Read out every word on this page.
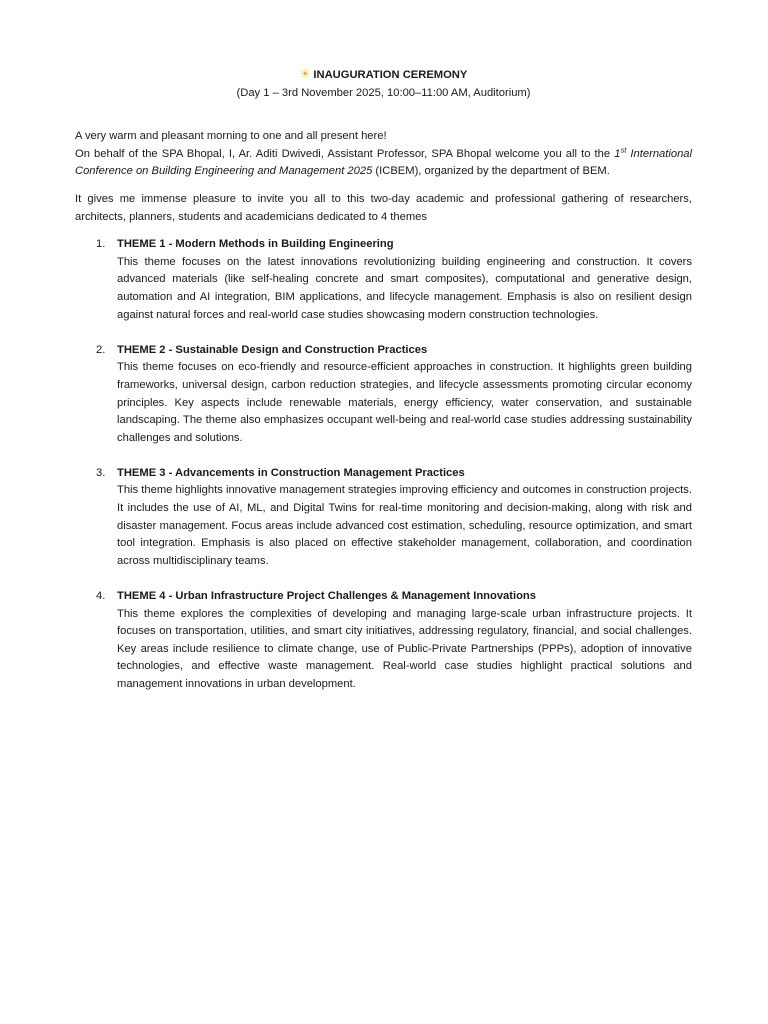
☀ INAUGURATION CEREMONY
(Day 1 – 3rd November 2025, 10:00–11:00 AM, Auditorium)

A very warm and pleasant morning to one and all present here!

On behalf of the SPA Bhopal, I, Ar. Aditi Dwivedi, Assistant Professor, SPA Bhopal welcome you all to the 1st International Conference on Building Engineering and Management 2025 (ICBEM), organized by the department of BEM.

It gives me immense pleasure to invite you all to this two-day academic and professional gathering of researchers, architects, planners, students and academicians dedicated to 4 themes

1. THEME 1 - Modern Methods in Building Engineering
This theme focuses on the latest innovations revolutionizing building engineering and construction. It covers advanced materials (like self-healing concrete and smart composites), computational and generative design, automation and AI integration, BIM applications, and lifecycle management. Emphasis is also on resilient design against natural forces and real-world case studies showcasing modern construction technologies.
2. THEME 2 - Sustainable Design and Construction Practices
This theme focuses on eco-friendly and resource-efficient approaches in construction. It highlights green building frameworks, universal design, carbon reduction strategies, and lifecycle assessments promoting circular economy principles. Key aspects include renewable materials, energy efficiency, water conservation, and sustainable landscaping. The theme also emphasizes occupant well-being and real-world case studies addressing sustainability challenges and solutions.
3. THEME 3 - Advancements in Construction Management Practices
This theme highlights innovative management strategies improving efficiency and outcomes in construction projects. It includes the use of AI, ML, and Digital Twins for real-time monitoring and decision-making, along with risk and disaster management. Focus areas include advanced cost estimation, scheduling, resource optimization, and smart tool integration. Emphasis is also placed on effective stakeholder management, collaboration, and coordination across multidisciplinary teams.
4. THEME 4 - Urban Infrastructure Project Challenges & Management Innovations
This theme explores the complexities of developing and managing large-scale urban infrastructure projects. It focuses on transportation, utilities, and smart city initiatives, addressing regulatory, financial, and social challenges. Key areas include resilience to climate change, use of Public-Private Partnerships (PPPs), adoption of innovative technologies, and effective waste management. Real-world case studies highlight practical solutions and management innovations in urban development.
